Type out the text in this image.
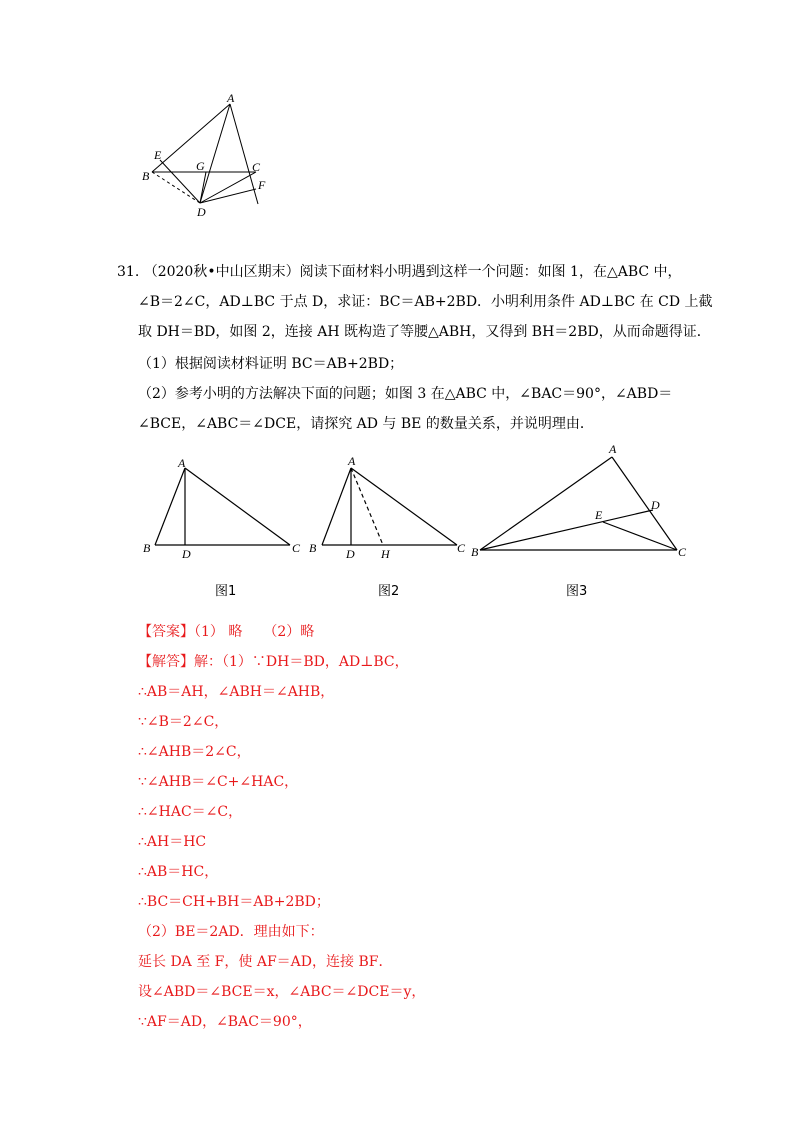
A
E
G	C
B
F
D
31. （2020秋•中山区期末）阅读下面材料小明遇到这样一个问题：如图 1，在△ABC 中，
∠B＝2∠C，AD⊥BC 于点 D，求证：BC＝AB+2BD．小明利用条件 AD⊥BC 在 CD 上截
取 DH＝BD，如图 2，连接 AH 既构造了等腰△ABH，又得到 BH＝2BD，从而命题得证．
（1）根据阅读材料证明 BC＝AB+2BD；
（2）参考小明的方法解决下面的问题；如图 3 在△ABC 中，∠BAC＝90°，∠ABD＝
∠BCE，∠ABC＝∠DCE，请探究 AD 与 BE 的数量关系，并说明理由．
A
B	D	C
图1
A
B D H	C
图2
A
D
E
B	C
图3
【答案】（1） 略　　（2）略
【解答】解：（1）∵DH＝BD，AD⊥BC，
∴AB＝AH，∠ABH＝∠AHB，
∵∠B＝2∠C，
∴∠AHB＝2∠C，
∵∠AHB＝∠C+∠HAC，
∴∠HAC＝∠C，
∴AH＝HC
∴AB＝HC，
∴BC＝CH+BH＝AB+2BD；
（2）BE＝2AD．理由如下：
延长 DA 至 F，使 AF＝AD，连接 BF．
设∠ABD＝∠BCE＝x，∠ABC＝∠DCE＝y，
∵AF＝AD，∠BAC＝90°，
